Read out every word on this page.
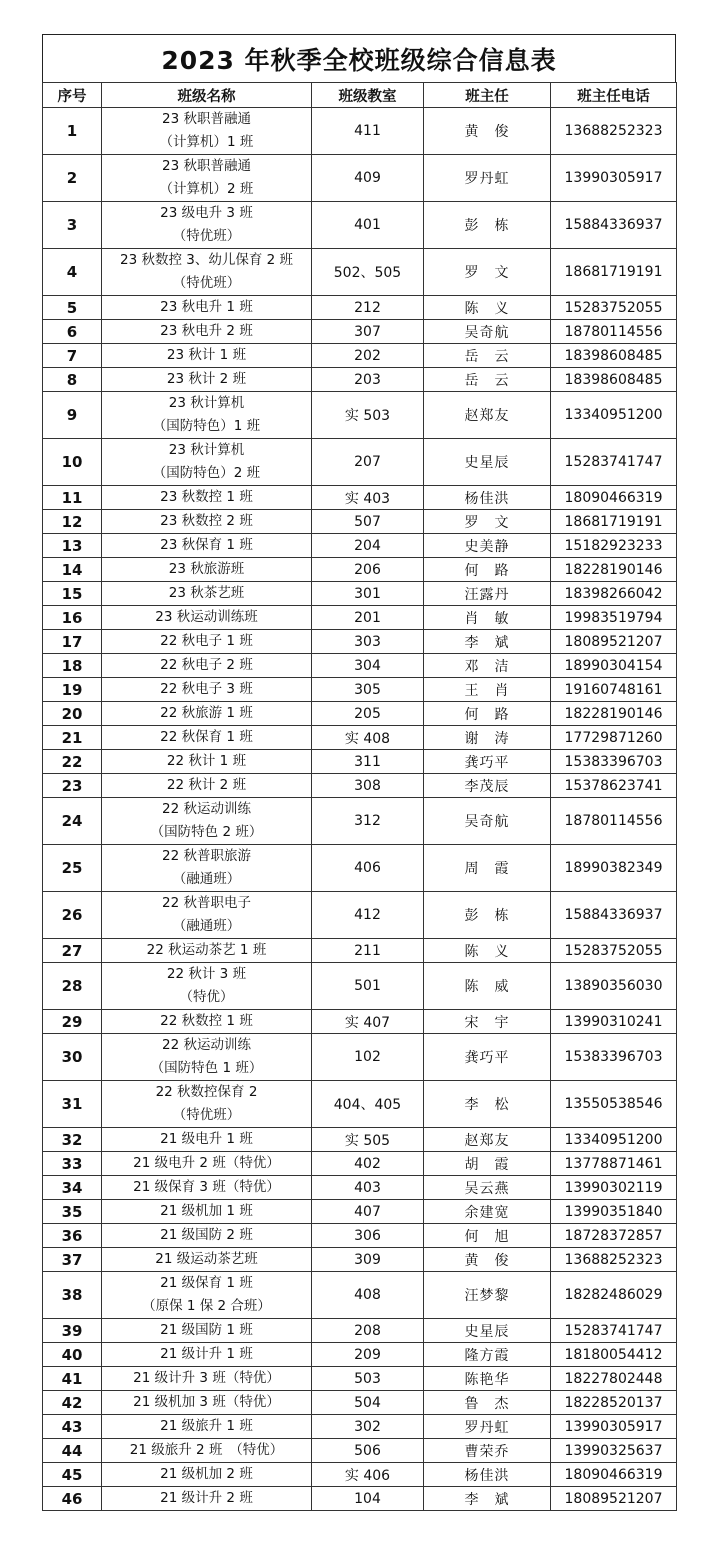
2023 年秋季全校班级综合信息表
序号	班级名称	班级教室	班主任	班主任电话
1	23 秋职普融通
（计算机）1 班	411	黄　俊	13688252323
2	23 秋职普融通
（计算机）2 班	409	罗丹虹	13990305917
3	23 级电升 3 班
（特优班）	401	彭　栋	15884336937
4	23 秋数控 3、幼儿保育 2 班
（特优班）	502、505	罗　文	18681719191
5	23 秋电升 1 班	212	陈　义	15283752055
6	23 秋电升 2 班	307	吴奇航	18780114556
7	23 秋计 1 班	202	岳　云	18398608485
8	23 秋计 2 班	203	岳　云	18398608485
9	23 秋计算机
（国防特色）1 班	实 503	赵郑友	13340951200
10	23 秋计算机
（国防特色）2 班	207	史星辰	15283741747
11	23 秋数控 1 班	实 403	杨佳洪	18090466319
12	23 秋数控 2 班	507	罗　文	18681719191
13	23 秋保育 1 班	204	史美静	15182923233
14	23 秋旅游班	206	何　路	18228190146
15	23 秋茶艺班	301	汪露丹	18398266042
16	23 秋运动训练班	201	肖　敏	19983519794
17	22 秋电子 1 班	303	李　斌	18089521207
18	22 秋电子 2 班	304	邓　洁	18990304154
19	22 秋电子 3 班	305	王　肖	19160748161
20	22 秋旅游 1 班	205	何　路	18228190146
21	22 秋保育 1 班	实 408	谢　涛	17729871260
22	22 秋计 1 班	311	龚巧平	15383396703
23	22 秋计 2 班	308	李茂辰	15378623741
24	22 秋运动训练
（国防特色 2 班）	312	吴奇航	18780114556
25	22 秋普职旅游
（融通班）	406	周　霞	18990382349
26	22 秋普职电子
（融通班）	412	彭　栋	15884336937
27	22 秋运动茶艺 1 班	211	陈　义	15283752055
28	22 秋计 3 班
（特优）	501	陈　威	13890356030
29	22 秋数控 1 班	实 407	宋　宇	13990310241
30	22 秋运动训练
（国防特色 1 班）	102	龚巧平	15383396703
31	22 秋数控保育 2
（特优班）	404、405	李　松	13550538546
32	21 级电升 1 班	实 505	赵郑友	13340951200
33	21 级电升 2 班（特优）	402	胡　霞	13778871461
34	21 级保育 3 班（特优）	403	吴云燕	13990302119
35	21 级机加 1 班	407	余建宽	13990351840
36	21 级国防 2 班	306	何　旭	18728372857
37	21 级运动茶艺班	309	黄　俊	13688252323
38	21 级保育 1 班
（原保 1 保 2 合班）	408	汪梦黎	18282486029
39	21 级国防 1 班	208	史星辰	15283741747
40	21 级计升 1 班	209	隆方霞	18180054412
41	21 级计升 3 班（特优）	503	陈艳华	18227802448
42	21 级机加 3 班（特优）	504	鲁　杰	18228520137
43	21 级旅升 1 班	302	罗丹虹	13990305917
44	21 级旅升 2 班　（特优）	506	曹荣乔	13990325637
45	21 级机加 2 班	实 406	杨佳洪	18090466319
46	21 级计升 2 班	104	李　斌	18089521207
